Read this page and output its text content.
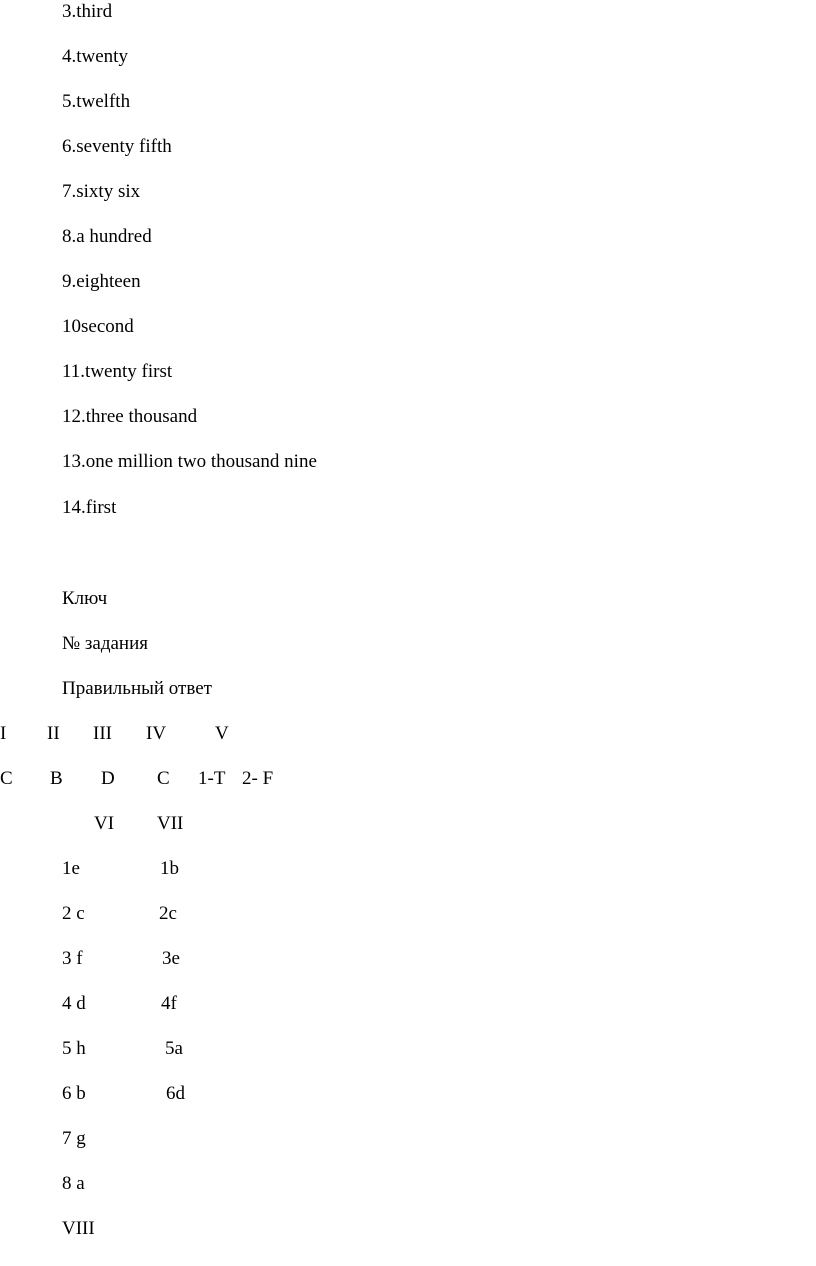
3.third

4.twenty

5.twelfth

6.seventy fifth

7.sixty six

8.a hundred

9.eighteen

10second

11.twenty first

12.three thousand

13.one million two thousand nine

14.first

Ключ

№ задания

Правильный ответ

I II III IV	V
C B D C 1-T 2- F
VI VII
1e
2 c
3 f
4 d
5 h
6 b
7 g
8 a
1b
2c
3e
4f
5a
6d

VIII
